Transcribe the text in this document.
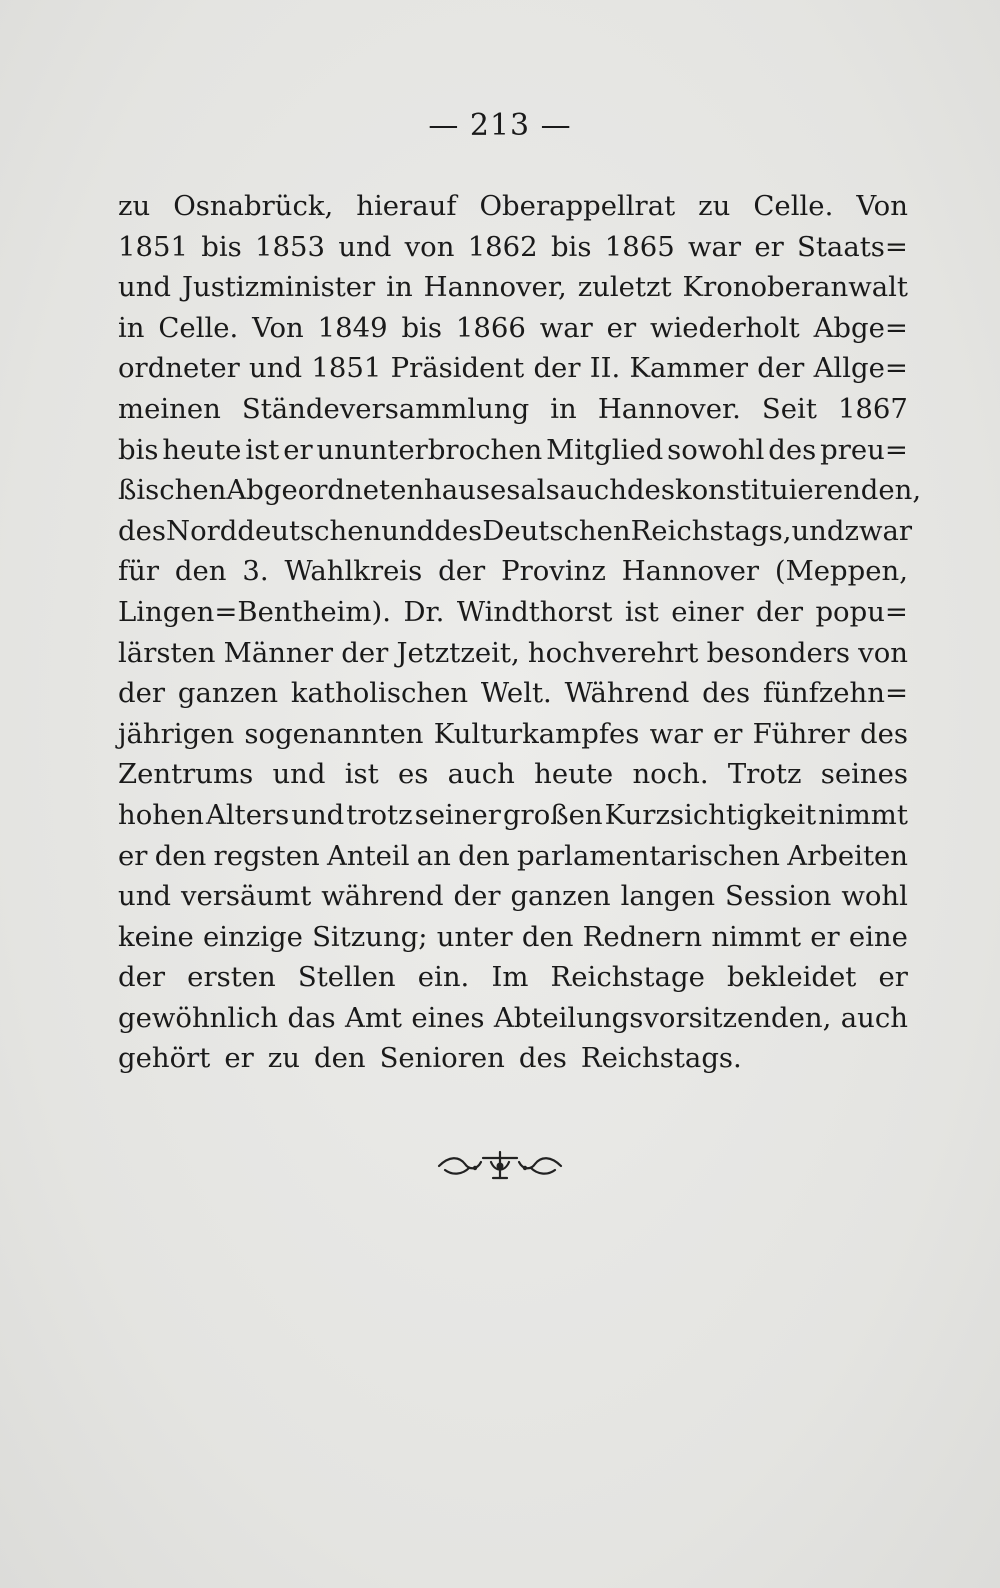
— 213 —
zu Osnabrück, hierauf Oberappellrat zu Celle. Von
1851 bis 1853 und von 1862 bis 1865 war er Staats=
und Justizminister in Hannover, zuletzt Kronoberanwalt
in Celle. Von 1849 bis 1866 war er wiederholt Abge=
ordneter und 1851 Präsident der II. Kammer der Allge=
meinen Ständeversammlung in Hannover. Seit 1867
bis heute ist er ununterbrochen Mitglied sowohl des preu=
ßischen Abgeordnetenhauses als auch des konstituierenden,
des Norddeutschen und des Deutschen Reichstags, und zwar
für den 3. Wahlkreis der Provinz Hannover (Meppen,
Lingen=Bentheim). Dr. Windthorst ist einer der popu=
lärsten Männer der Jetztzeit, hochverehrt besonders von
der ganzen katholischen Welt. Während des fünfzehn=
jährigen sogenannten Kulturkampfes war er Führer des
Zentrums und ist es auch heute noch. Trotz seines
hohen Alters und trotz seiner großen Kurzsichtigkeit nimmt
er den regsten Anteil an den parlamentarischen Arbeiten
und versäumt während der ganzen langen Session wohl
keine einzige Sitzung; unter den Rednern nimmt er eine
der ersten Stellen ein. Im Reichstage bekleidet er
gewöhnlich das Amt eines Abteilungsvorsitzenden, auch
gehört er zu den Senioren des Reichstags.
